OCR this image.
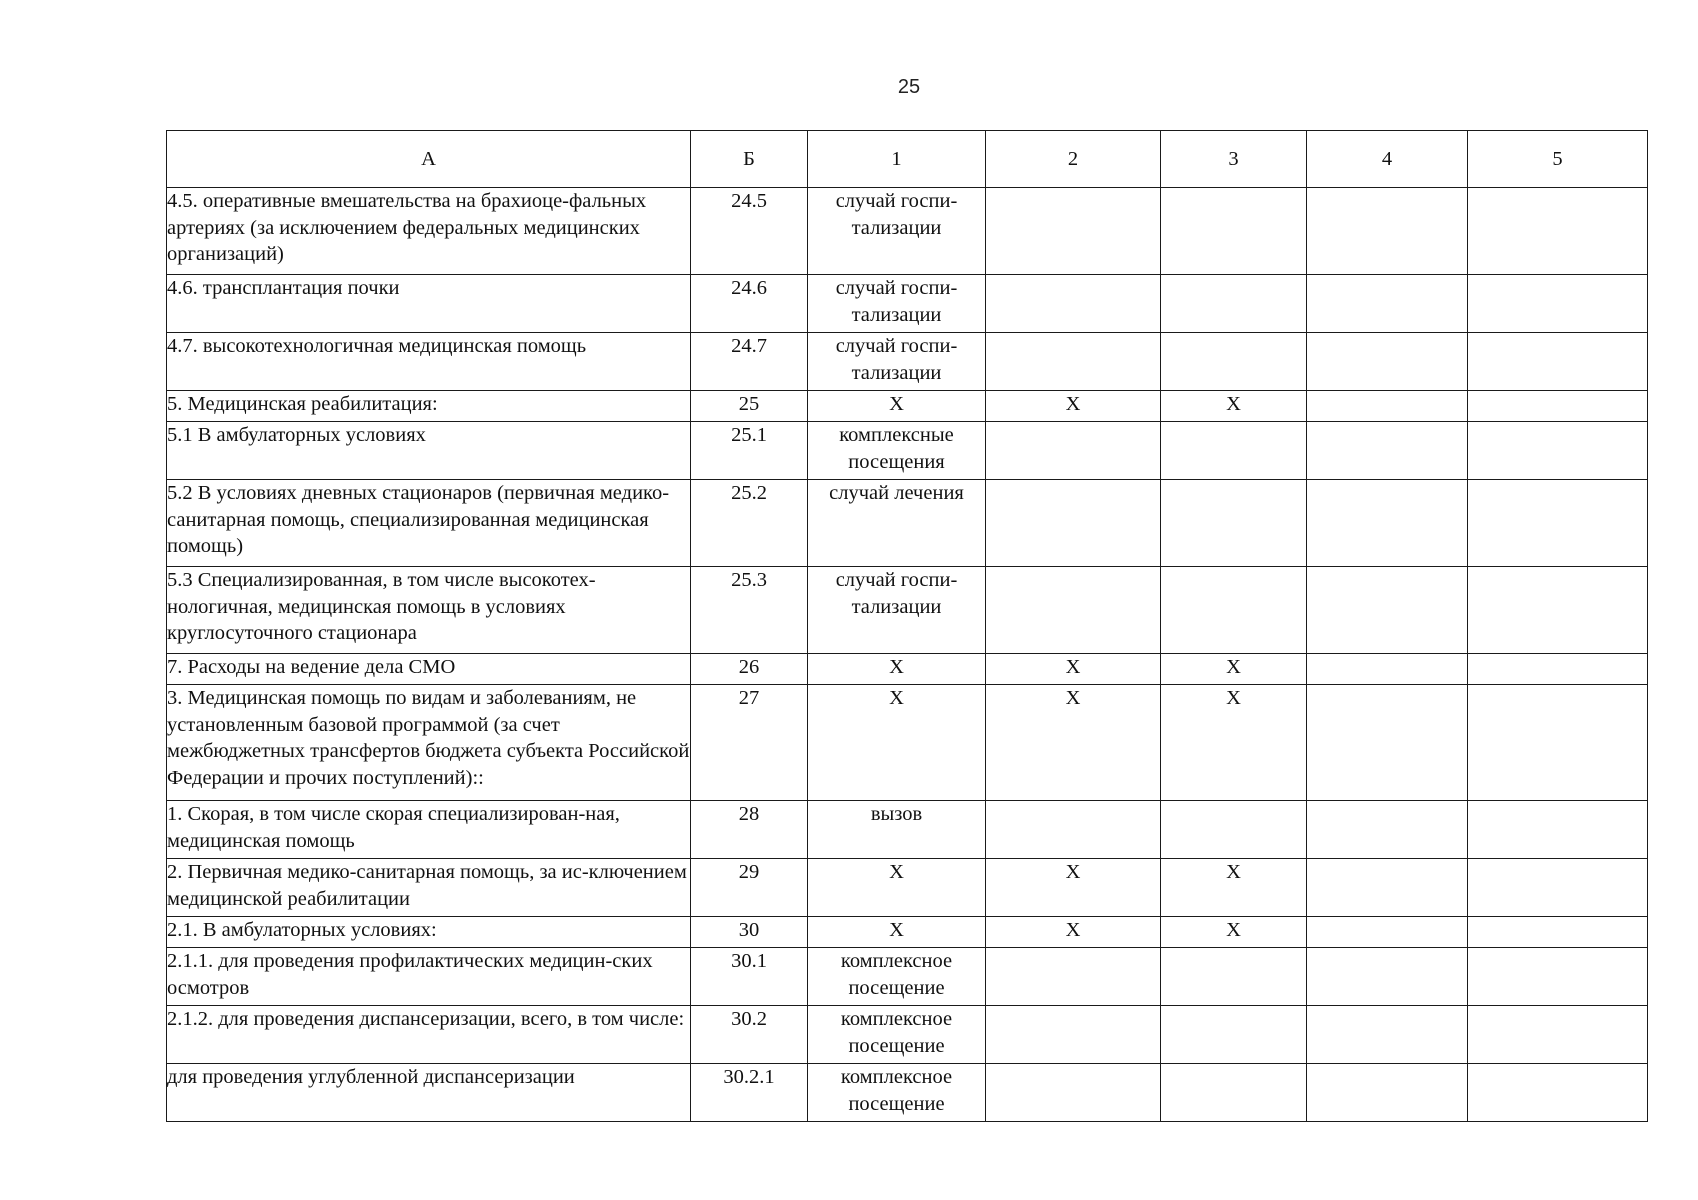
25
А	Б	1	2	3	4	5
4.5. оперативные вмешательства на брахиоце-фальных артериях (за исключением федеральных медицинских организаций)	24.5	случай госпи-тализации				
4.6. трансплантация почки	24.6	случай госпи-тализации				
4.7. высокотехнологичная медицинская помощь	24.7	случай госпи-тализации				
5. Медицинская реабилитация:	25	Х	Х	Х		
5.1 В амбулаторных условиях	25.1	комплексные посещения				
5.2 В условиях дневных стационаров (первичная медико-санитарная помощь, специализированная медицинская помощь)	25.2	случай лечения				
5.3 Специализированная, в том числе высокотех-нологичная, медицинская помощь в условиях круглосуточного стационара	25.3	случай госпи-тализации				
7. Расходы на ведение дела СМО	26	Х	Х	Х		
3. Медицинская помощь по видам и заболеваниям, не установленным базовой программой (за счет межбюджетных трансфертов бюджета субъекта Российской Федерации и прочих поступлений)::	27	Х	Х	Х		
1. Скорая, в том числе скорая специализирован-ная, медицинская помощь	28	вызов				
2. Первичная медико-санитарная помощь, за ис-ключением медицинской реабилитации	29	Х	Х	Х		
2.1. В амбулаторных условиях:	30	Х	Х	Х		
2.1.1. для проведения профилактических медицин-ских осмотров	30.1	комплексное посещение				
2.1.2. для проведения диспансеризации, всего, в том числе:	30.2	комплексное посещение				
для проведения углубленной диспансеризации	30.2.1	комплексное посещение				
